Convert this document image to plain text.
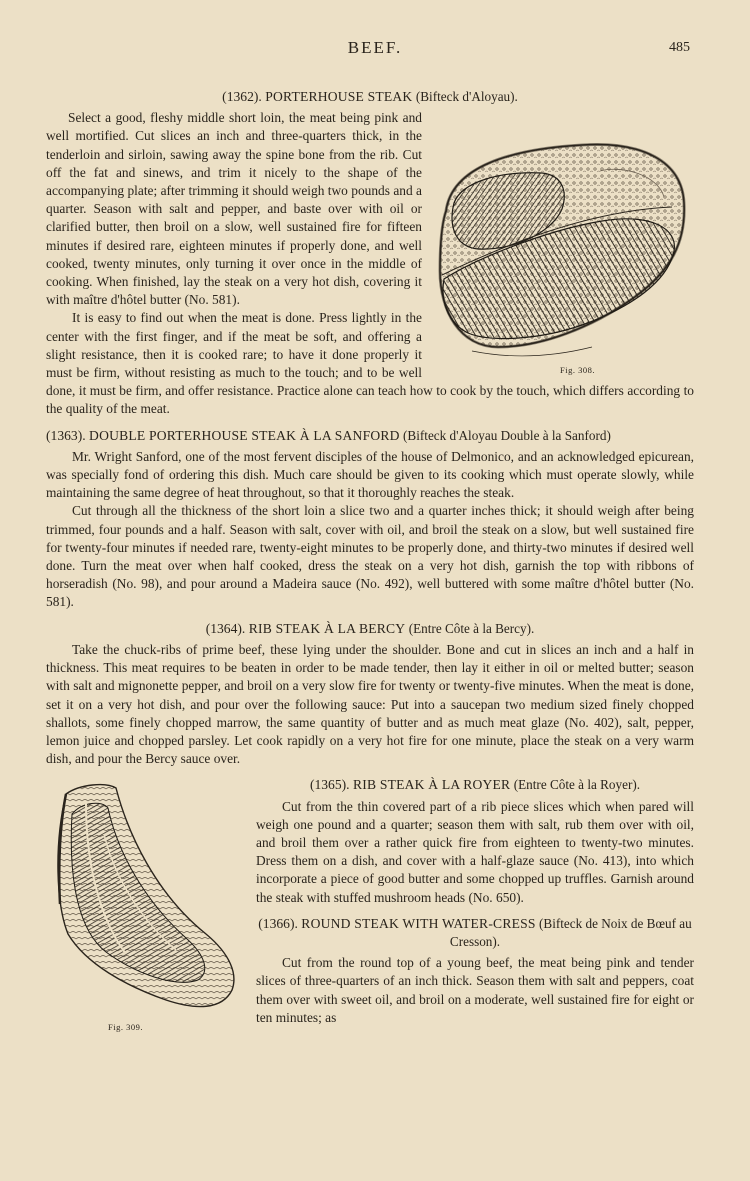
BEEF.	485
(1362). PORTERHOUSE STEAK (Bifteck d'Aloyau).
Fig. 308.

Select a good, fleshy middle short loin, the meat being pink and well mortified. Cut slices an inch and three-quarters thick, in the tenderloin and sirloin, sawing away the spine bone from the rib. Cut off the fat and sinews, and trim it nicely to the shape of the accompanying plate; after trimming it should weigh two pounds and a quarter. Season with salt and pepper, and baste over with oil or clarified butter, then broil on a slow, well sustained fire for fifteen minutes if desired rare, eighteen minutes if properly done, and well cooked, twenty minutes, only turning it over once in the middle of cooking. When finished, lay the steak on a very hot dish, covering it with maître d'hôtel butter (No. 581).

It is easy to find out when the meat is done. Press lightly in the center with the first finger, and if the meat be soft, and offering a slight resistance, then it is cooked rare; to have it done properly it must be firm, without resisting as much to the touch; and to be well done, it must be firm, and offer resistance. Practice alone can teach how to cook by the touch, which differs according to the quality of the meat.

(1363). DOUBLE PORTERHOUSE STEAK À LA SANFORD (Bifteck d'Aloyau Double à la Sanford)

Mr. Wright Sanford, one of the most fervent disciples of the house of Delmonico, and an acknowledged epicurean, was specially fond of ordering this dish. Much care should be given to its cooking which must operate slowly, while maintaining the same degree of heat throughout, so that it thoroughly reaches the steak.

Cut through all the thickness of the short loin a slice two and a quarter inches thick; it should weigh after being trimmed, four pounds and a half. Season with salt, cover with oil, and broil the steak on a slow, but well sustained fire for twenty-four minutes if needed rare, twenty-eight minutes to be properly done, and thirty-two minutes if desired well done. Turn the meat over when half cooked, dress the steak on a very hot dish, garnish the top with ribbons of horseradish (No. 98), and pour around a Madeira sauce (No. 492), well buttered with some maître d'hôtel butter (No. 581).

(1364). RIB STEAK À LA BERCY (Entre Côte à la Bercy).

Take the chuck-ribs of prime beef, these lying under the shoulder. Bone and cut in slices an inch and a half in thickness. This meat requires to be beaten in order to be made tender, then lay it either in oil or melted butter; season with salt and mignonette pepper, and broil on a very slow fire for twenty or twenty-five minutes. When the meat is done, set it on a very hot dish, and pour over the following sauce: Put into a saucepan two medium sized finely chopped shallots, some finely chopped marrow, the same quantity of butter and as much meat glaze (No. 402), salt, pepper, lemon juice and chopped parsley. Let cook rapidly on a very hot fire for one minute, place the steak on a very warm dish, and pour the Bercy sauce over.

Fig. 309.
(1365). RIB STEAK À LA ROYER (Entre Côte à la Royer).

Cut from the thin covered part of a rib piece slices which when pared will weigh one pound and a quarter; season them with salt, rub them over with oil, and broil them over a rather quick fire from eighteen to twenty-two minutes. Dress them on a dish, and cover with a half-glaze sauce (No. 413), into which incorporate a piece of good butter and some chopped up truffles. Garnish around the steak with stuffed mushroom heads (No. 650).

(1366). ROUND STEAK WITH WATER-CRESS (Bifteck de Noix de Bœuf au Cresson).

Cut from the round top of a young beef, the meat being pink and tender slices of three-quarters of an inch thick. Season them with salt and peppers, coat them over with sweet oil, and broil on a moderate, well sustained fire for eight or ten minutes; as
